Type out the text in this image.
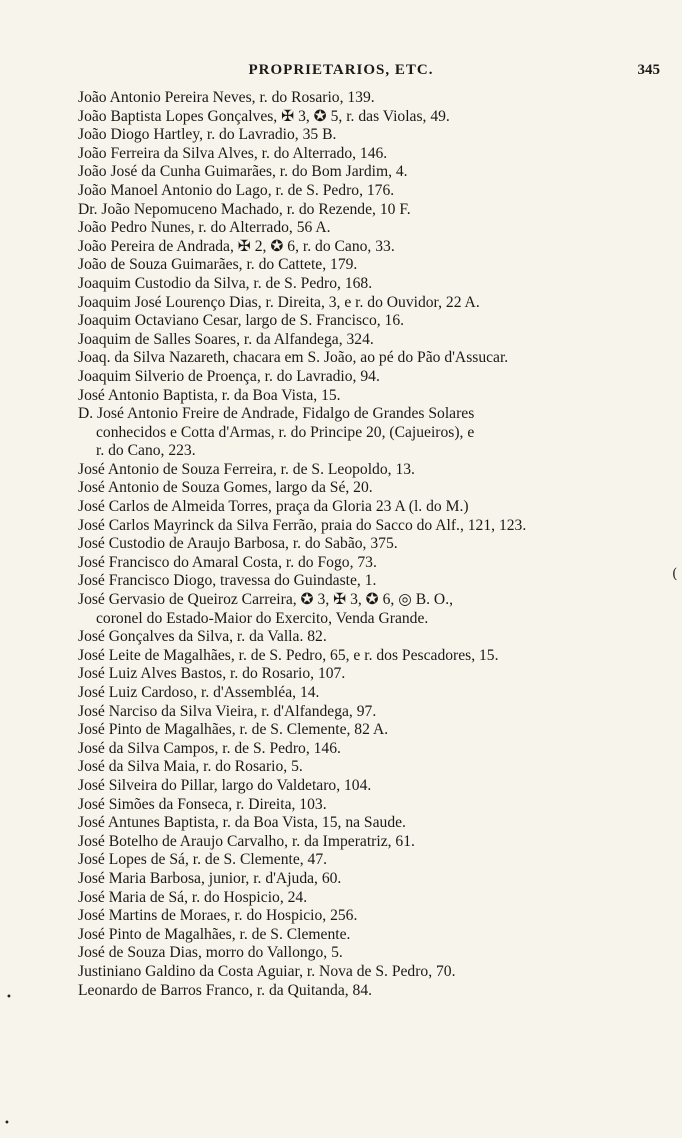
PROPRIETARIOS, ETC.	345
João Antonio Pereira Neves, r. do Rosario, 139.
João Baptista Lopes Gonçalves, ✠ 3, ✪ 5, r. das Violas, 49.
João Diogo Hartley, r. do Lavradio, 35 B.
João Ferreira da Silva Alves, r. do Alterrado, 146.
João José da Cunha Guimarães, r. do Bom Jardim, 4.
João Manoel Antonio do Lago, r. de S. Pedro, 176.
Dr. João Nepomuceno Machado, r. do Rezende, 10 F.
João Pedro Nunes, r. do Alterrado, 56 A.
João Pereira de Andrada, ✠ 2, ✪ 6, r. do Cano, 33.
João de Souza Guimarães, r. do Cattete, 179.
Joaquim Custodio da Silva, r. de S. Pedro, 168.
Joaquim José Lourenço Dias, r. Direita, 3, e r. do Ouvidor, 22 A.
Joaquim Octaviano Cesar, largo de S. Francisco, 16.
Joaquim de Salles Soares, r. da Alfandega, 324.
Joaq. da Silva Nazareth, chacara em S. João, ao pé do Pão d'Assucar.
Joaquim Silverio de Proença, r. do Lavradio, 94.
José Antonio Baptista, r. da Boa Vista, 15.
D. José Antonio Freire de Andrade, Fidalgo de Grandes Solares
conhecidos e Cotta d'Armas, r. do Principe 20, (Cajueiros), e
r. do Cano, 223.
José Antonio de Souza Ferreira, r. de S. Leopoldo, 13.
José Antonio de Souza Gomes, largo da Sé, 20.
José Carlos de Almeida Torres, praça da Gloria 23 A (l. do M.)
José Carlos Mayrinck da Silva Ferrão, praia do Sacco do Alf., 121, 123.
José Custodio de Araujo Barbosa, r. do Sabão, 375.
José Francisco do Amaral Costa, r. do Fogo, 73.
José Francisco Diogo, travessa do Guindaste, 1.
José Gervasio de Queiroz Carreira, ✪ 3, ✠ 3, ✪ 6, ◎ B. O.,
coronel do Estado-Maior do Exercito, Venda Grande.
José Gonçalves da Silva, r. da Valla. 82.
José Leite de Magalhães, r. de S. Pedro, 65, e r. dos Pescadores, 15.
José Luiz Alves Bastos, r. do Rosario, 107.
José Luiz Cardoso, r. d'Assembléa, 14.
José Narciso da Silva Vieira, r. d'Alfandega, 97.
José Pinto de Magalhães, r. de S. Clemente, 82 A.
José da Silva Campos, r. de S. Pedro, 146.
José da Silva Maia, r. do Rosario, 5.
José Silveira do Pillar, largo do Valdetaro, 104.
José Simões da Fonseca, r. Direita, 103.
José Antunes Baptista, r. da Boa Vista, 15, na Saude.
José Botelho de Araujo Carvalho, r. da Imperatriz, 61.
José Lopes de Sá, r. de S. Clemente, 47.
José Maria Barbosa, junior, r. d'Ajuda, 60.
José Maria de Sá, r. do Hospicio, 24.
José Martins de Moraes, r. do Hospicio, 256.
José Pinto de Magalhães, r. de S. Clemente.
José de Souza Dias, morro do Vallongo, 5.
Justiniano Galdino da Costa Aguiar, r. Nova de S. Pedro, 70.
Leonardo de Barros Franco, r. da Quitanda, 84.
(
•
•
